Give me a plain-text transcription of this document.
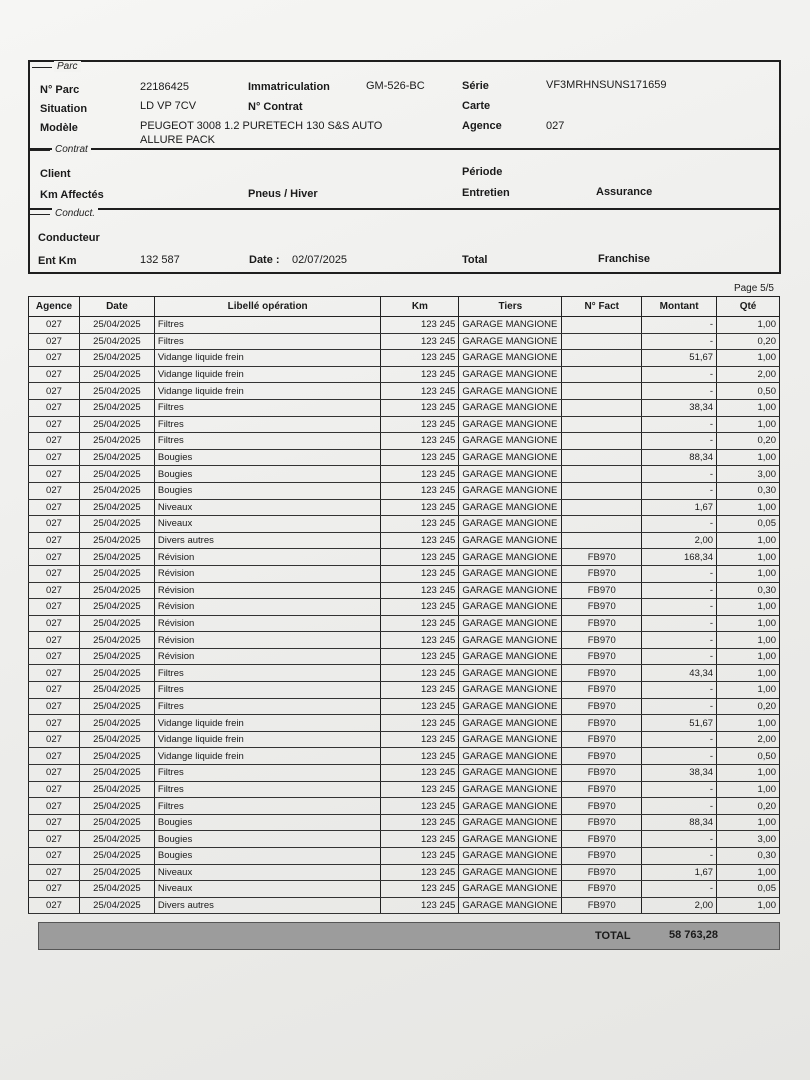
Parc
N° Parc	22186425	Immatriculation	GM-526-BC	Série	VF3MRHNSUNS171659
Situation	LD VP 7CV	N° Contrat	Carte
Modèle	PEUGEOT 3008 1.2 PURETECH 130 S&S AUTO
ALLURE PACK
Agence	027
Contrat
Client	Période
Km Affectés	Pneus / Hiver	Entretien	Assurance
Conduct.
Conducteur
Ent Km	132 587	Date : 02/07/2025	Total	Franchise
Page 5/5
Agence	Date	Libellé opération	Km	Tiers	N° Fact	Montant	Qté
027	25/04/2025	Filtres	123 245	GARAGE MANGIONE		-	1,00
027	25/04/2025	Filtres	123 245	GARAGE MANGIONE		-	0,20
027	25/04/2025	Vidange liquide frein	123 245	GARAGE MANGIONE		51,67	1,00
027	25/04/2025	Vidange liquide frein	123 245	GARAGE MANGIONE		-	2,00
027	25/04/2025	Vidange liquide frein	123 245	GARAGE MANGIONE		-	0,50
027	25/04/2025	Filtres	123 245	GARAGE MANGIONE		38,34	1,00
027	25/04/2025	Filtres	123 245	GARAGE MANGIONE		-	1,00
027	25/04/2025	Filtres	123 245	GARAGE MANGIONE		-	0,20
027	25/04/2025	Bougies	123 245	GARAGE MANGIONE		88,34	1,00
027	25/04/2025	Bougies	123 245	GARAGE MANGIONE		-	3,00
027	25/04/2025	Bougies	123 245	GARAGE MANGIONE		-	0,30
027	25/04/2025	Niveaux	123 245	GARAGE MANGIONE		1,67	1,00
027	25/04/2025	Niveaux	123 245	GARAGE MANGIONE		-	0,05
027	25/04/2025	Divers autres	123 245	GARAGE MANGIONE		2,00	1,00
027	25/04/2025	Révision	123 245	GARAGE MANGIONE	FB970	168,34	1,00
027	25/04/2025	Révision	123 245	GARAGE MANGIONE	FB970	-	1,00
027	25/04/2025	Révision	123 245	GARAGE MANGIONE	FB970	-	0,30
027	25/04/2025	Révision	123 245	GARAGE MANGIONE	FB970	-	1,00
027	25/04/2025	Révision	123 245	GARAGE MANGIONE	FB970	-	1,00
027	25/04/2025	Révision	123 245	GARAGE MANGIONE	FB970	-	1,00
027	25/04/2025	Révision	123 245	GARAGE MANGIONE	FB970	-	1,00
027	25/04/2025	Filtres	123 245	GARAGE MANGIONE	FB970	43,34	1,00
027	25/04/2025	Filtres	123 245	GARAGE MANGIONE	FB970	-	1,00
027	25/04/2025	Filtres	123 245	GARAGE MANGIONE	FB970	-	0,20
027	25/04/2025	Vidange liquide frein	123 245	GARAGE MANGIONE	FB970	51,67	1,00
027	25/04/2025	Vidange liquide frein	123 245	GARAGE MANGIONE	FB970	-	2,00
027	25/04/2025	Vidange liquide frein	123 245	GARAGE MANGIONE	FB970	-	0,50
027	25/04/2025	Filtres	123 245	GARAGE MANGIONE	FB970	38,34	1,00
027	25/04/2025	Filtres	123 245	GARAGE MANGIONE	FB970	-	1,00
027	25/04/2025	Filtres	123 245	GARAGE MANGIONE	FB970	-	0,20
027	25/04/2025	Bougies	123 245	GARAGE MANGIONE	FB970	88,34	1,00
027	25/04/2025	Bougies	123 245	GARAGE MANGIONE	FB970	-	3,00
027	25/04/2025	Bougies	123 245	GARAGE MANGIONE	FB970	-	0,30
027	25/04/2025	Niveaux	123 245	GARAGE MANGIONE	FB970	1,67	1,00
027	25/04/2025	Niveaux	123 245	GARAGE MANGIONE	FB970	-	0,05
027	25/04/2025	Divers autres	123 245	GARAGE MANGIONE	FB970	2,00	1,00
TOTAL	58 763,28
